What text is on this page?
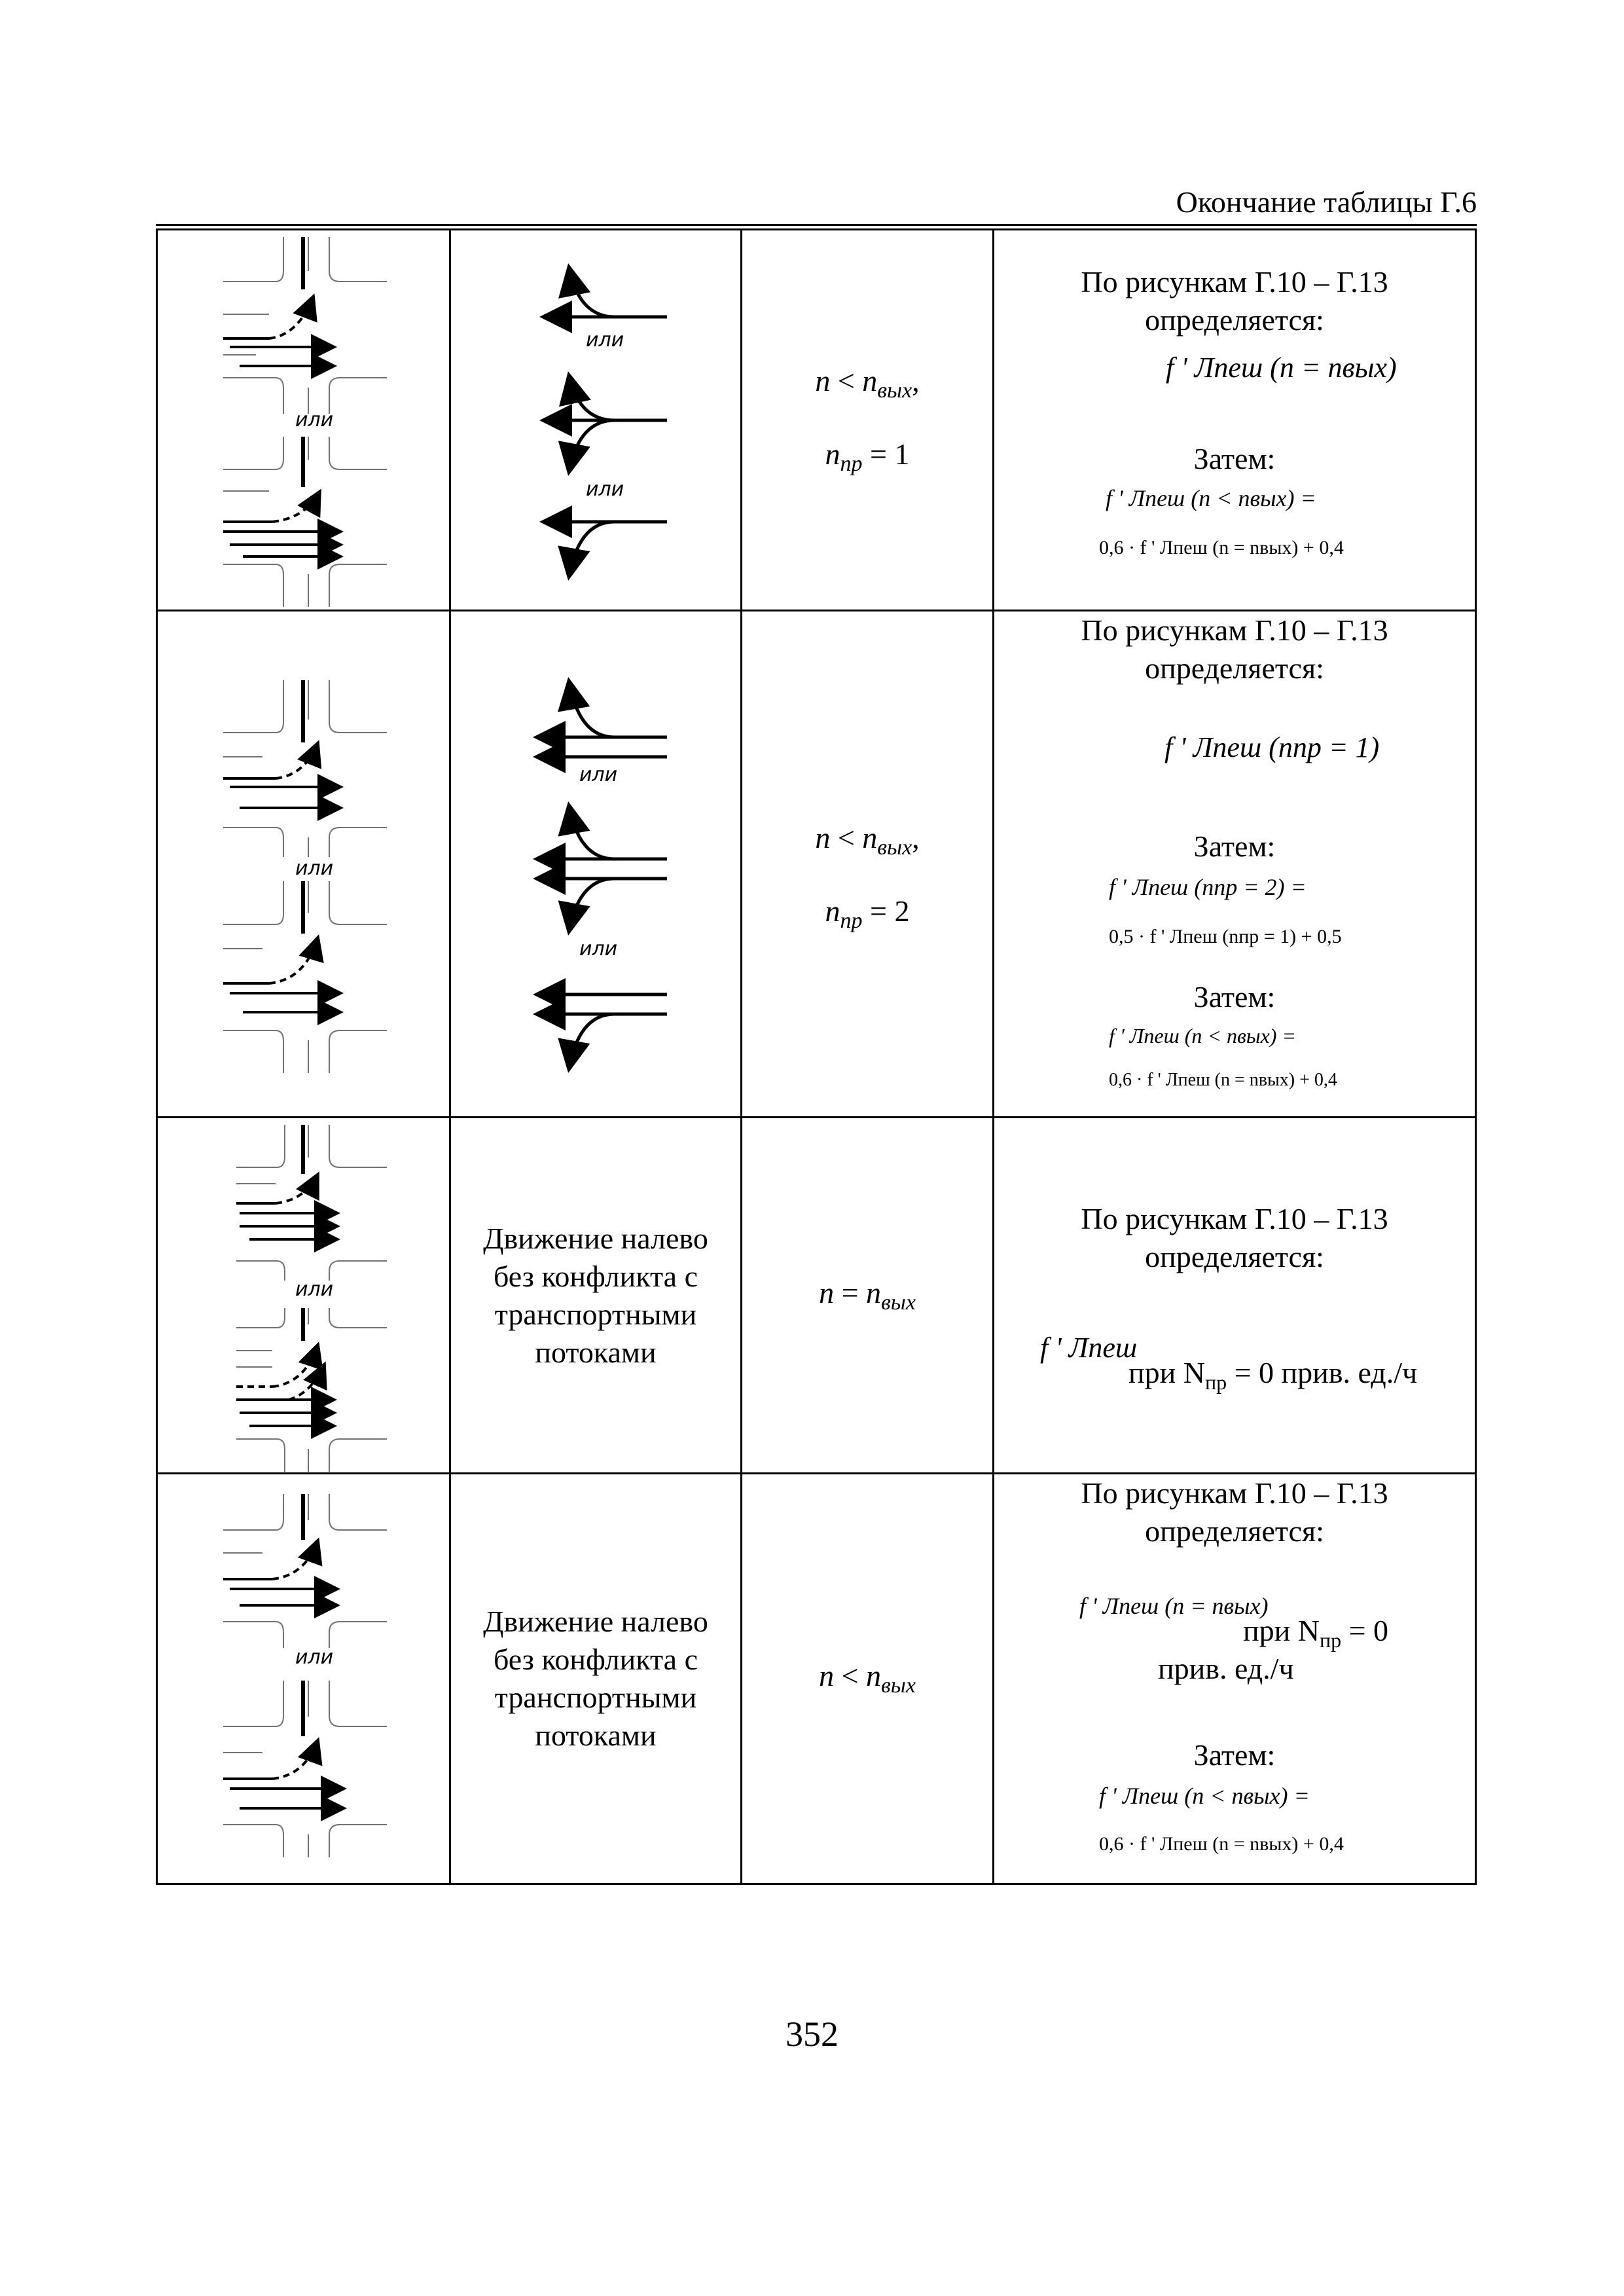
Окончание таблицы Г.6
или
или
или
$n < n_{вых}$,
$n_{пр} = 1$
По рисункам Г.10 – Г.13
определяется:
f ' Лпеш (n = nвых)
Затем:
f ' Лпеш (n < nвых) =
0,6 · f ' Лпеш (n = nвых) + 0,4
или
или
или
$n < n_{вых}$,
$n_{пр} = 2$
По рисункам Г.10 – Г.13
определяется:
f ' Лпеш (nпр = 1)
Затем:
f ' Лпеш (nпр = 2) =
0,5 · f ' Лпеш (nпр = 1) + 0,5
Затем:
f ' Лпеш (n < nвых) =
0,6 · f ' Лпеш (n = nвых) + 0,4
или
Движение налево
без конфликта с
транспортными
потоками
$n = n_{вых}$
По рисункам Г.10 – Г.13
определяется:
f ' Лпеш
при $N_{пр} = 0$ прив. ед./ч
или
Движение налево
без конфликта с
транспортными
потоками
$n < n_{вых}$
По рисункам Г.10 – Г.13
определяется:
f ' Лпеш (n = nвых)
при $N_{пр} = 0$
прив. ед./ч
Затем:
f ' Лпеш (n < nвых) =
0,6 · f ' Лпеш (n = nвых) + 0,4
352
